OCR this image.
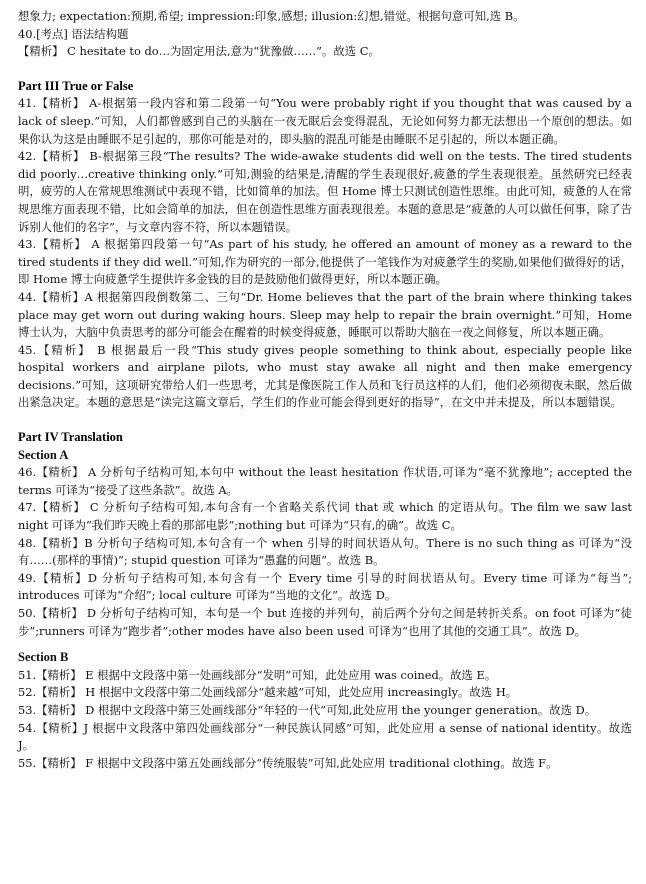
想象力; expectation:预期,希望; impression:印象,感想; illusion:幻想,错觉。根据句意可知,选 B。

40.[考点] 语法结构题

【精析】 C hesitate to do…为固定用法,意为“犹豫做……”。故选 C。

Part III True or False

41.【精析】 A-根据第一段内容和第二段第一句“You were probably right if you thought that was caused by a lack of sleep.”可知，人们都曾感到自己的头脑在一夜无眠后会变得混乱，无论如何努力都无法想出一个原创的想法。如果你认为这是由睡眠不足引起的，那你可能是对的，即头脑的混乱可能是由睡眠不足引起的，所以本题正确。

42.【精析】 B-根据第三段“The results? The wide-awake students did well on the tests. The tired students did poorly…creative thinking only.”可知,测验的结果是,清醒的学生表现很好,疲惫的学生表现很差。虽然研究已经表明，疲劳的人在常规思维测试中表现不错，比如简单的加法。但 Home 博士只测试创造性思维。由此可知，疲惫的人在常规思维方面表现不错，比如会简单的加法，但在创造性思维方面表现很差。本题的意思是“疲惫的人可以做任何事，除了告诉别人他们的名字”，与文章内容不符，所以本题错误。

43.【精析】 A 根据第四段第一句“As part of his study, he offered an amount of money as a reward to the tired students if they did well.”可知,作为研究的一部分,他提供了一笔钱作为对疲惫学生的奖励,如果他们做得好的话，即 Home 博士向疲惫学生提供许多金钱的目的是鼓励他们做得更好，所以本题正确。

44.【精析】A 根据第四段倒数第二、三句“Dr. Home believes that the part of the brain where thinking takes place may get worn out during waking hours. Sleep may help to repair the brain overnight.”可知，Home 博士认为，大脑中负责思考的部分可能会在醒着的时候变得疲惫，睡眠可以帮助大脑在一夜之间修复，所以本题正确。

45.【精析】 B 根据最后一段“This study gives people something to think about, especially people like hospital workers and airplane pilots, who must stay awake all night and then make emergency decisions.”可知，这项研究带给人们一些思考，尤其是像医院工作人员和飞行员这样的人们，他们必须彻夜未眠，然后做出紧急决定。本题的意思是“读完这篇文章后，学生们的作业可能会得到更好的指导”，在文中并未提及，所以本题错误。

Part IV Translation

Section A

46.【精析】 A 分析句子结构可知,本句中 without the least hesitation 作状语,可译为“毫不犹豫地”; accepted the terms 可译为“接受了这些条款”。故选 A。

47.【精析】 C 分析句子结构可知,本句含有一个省略关系代词 that 或 which 的定语从句。The film we saw last night 可译为“我们昨天晚上看的那部电影”;nothing but 可译为“只有,的确”。故选 C。

48.【精析】B 分析句子结构可知,本句含有一个 when 引导的时间状语从句。There is no such thing as 可译为“没有……(那样的事情)”; stupid question 可译为“愚蠢的问题”。故选 B。

49.【精析】D 分析句子结构可知,本句含有一个 Every time 引导的时间状语从句。Every time 可译为“每当”; introduces 可译为“介绍”; local culture 可译为“当地的文化”。故选 D。

50.【精析】 D 分析句子结构可知，本句是一个 but 连接的并列句，前后两个分句之间是转折关系。on foot 可译为“徒步”;runners 可译为“跑步者”;other modes have also been used 可译为“也用了其他的交通工具”。故选 D。

Section B

51.【精析】 E 根据中文段落中第一处画线部分“发明”可知，此处应用 was coined。故选 E。

52.【精析】 H 根据中文段落中第二处画线部分“越来越”可知，此处应用 increasingly。故选 H。

53.【精析】 D 根据中文段落中第三处画线部分“年轻的一代”可知,此处应用 the younger generation。故选 D。

54.【精析】J 根据中文段落中第四处画线部分“一种民族认同感”可知，此处应用 a sense of national identity。故选 J。

55.【精析】 F 根据中文段落中第五处画线部分“传统服装”可知,此处应用 traditional clothing。故选 F。
